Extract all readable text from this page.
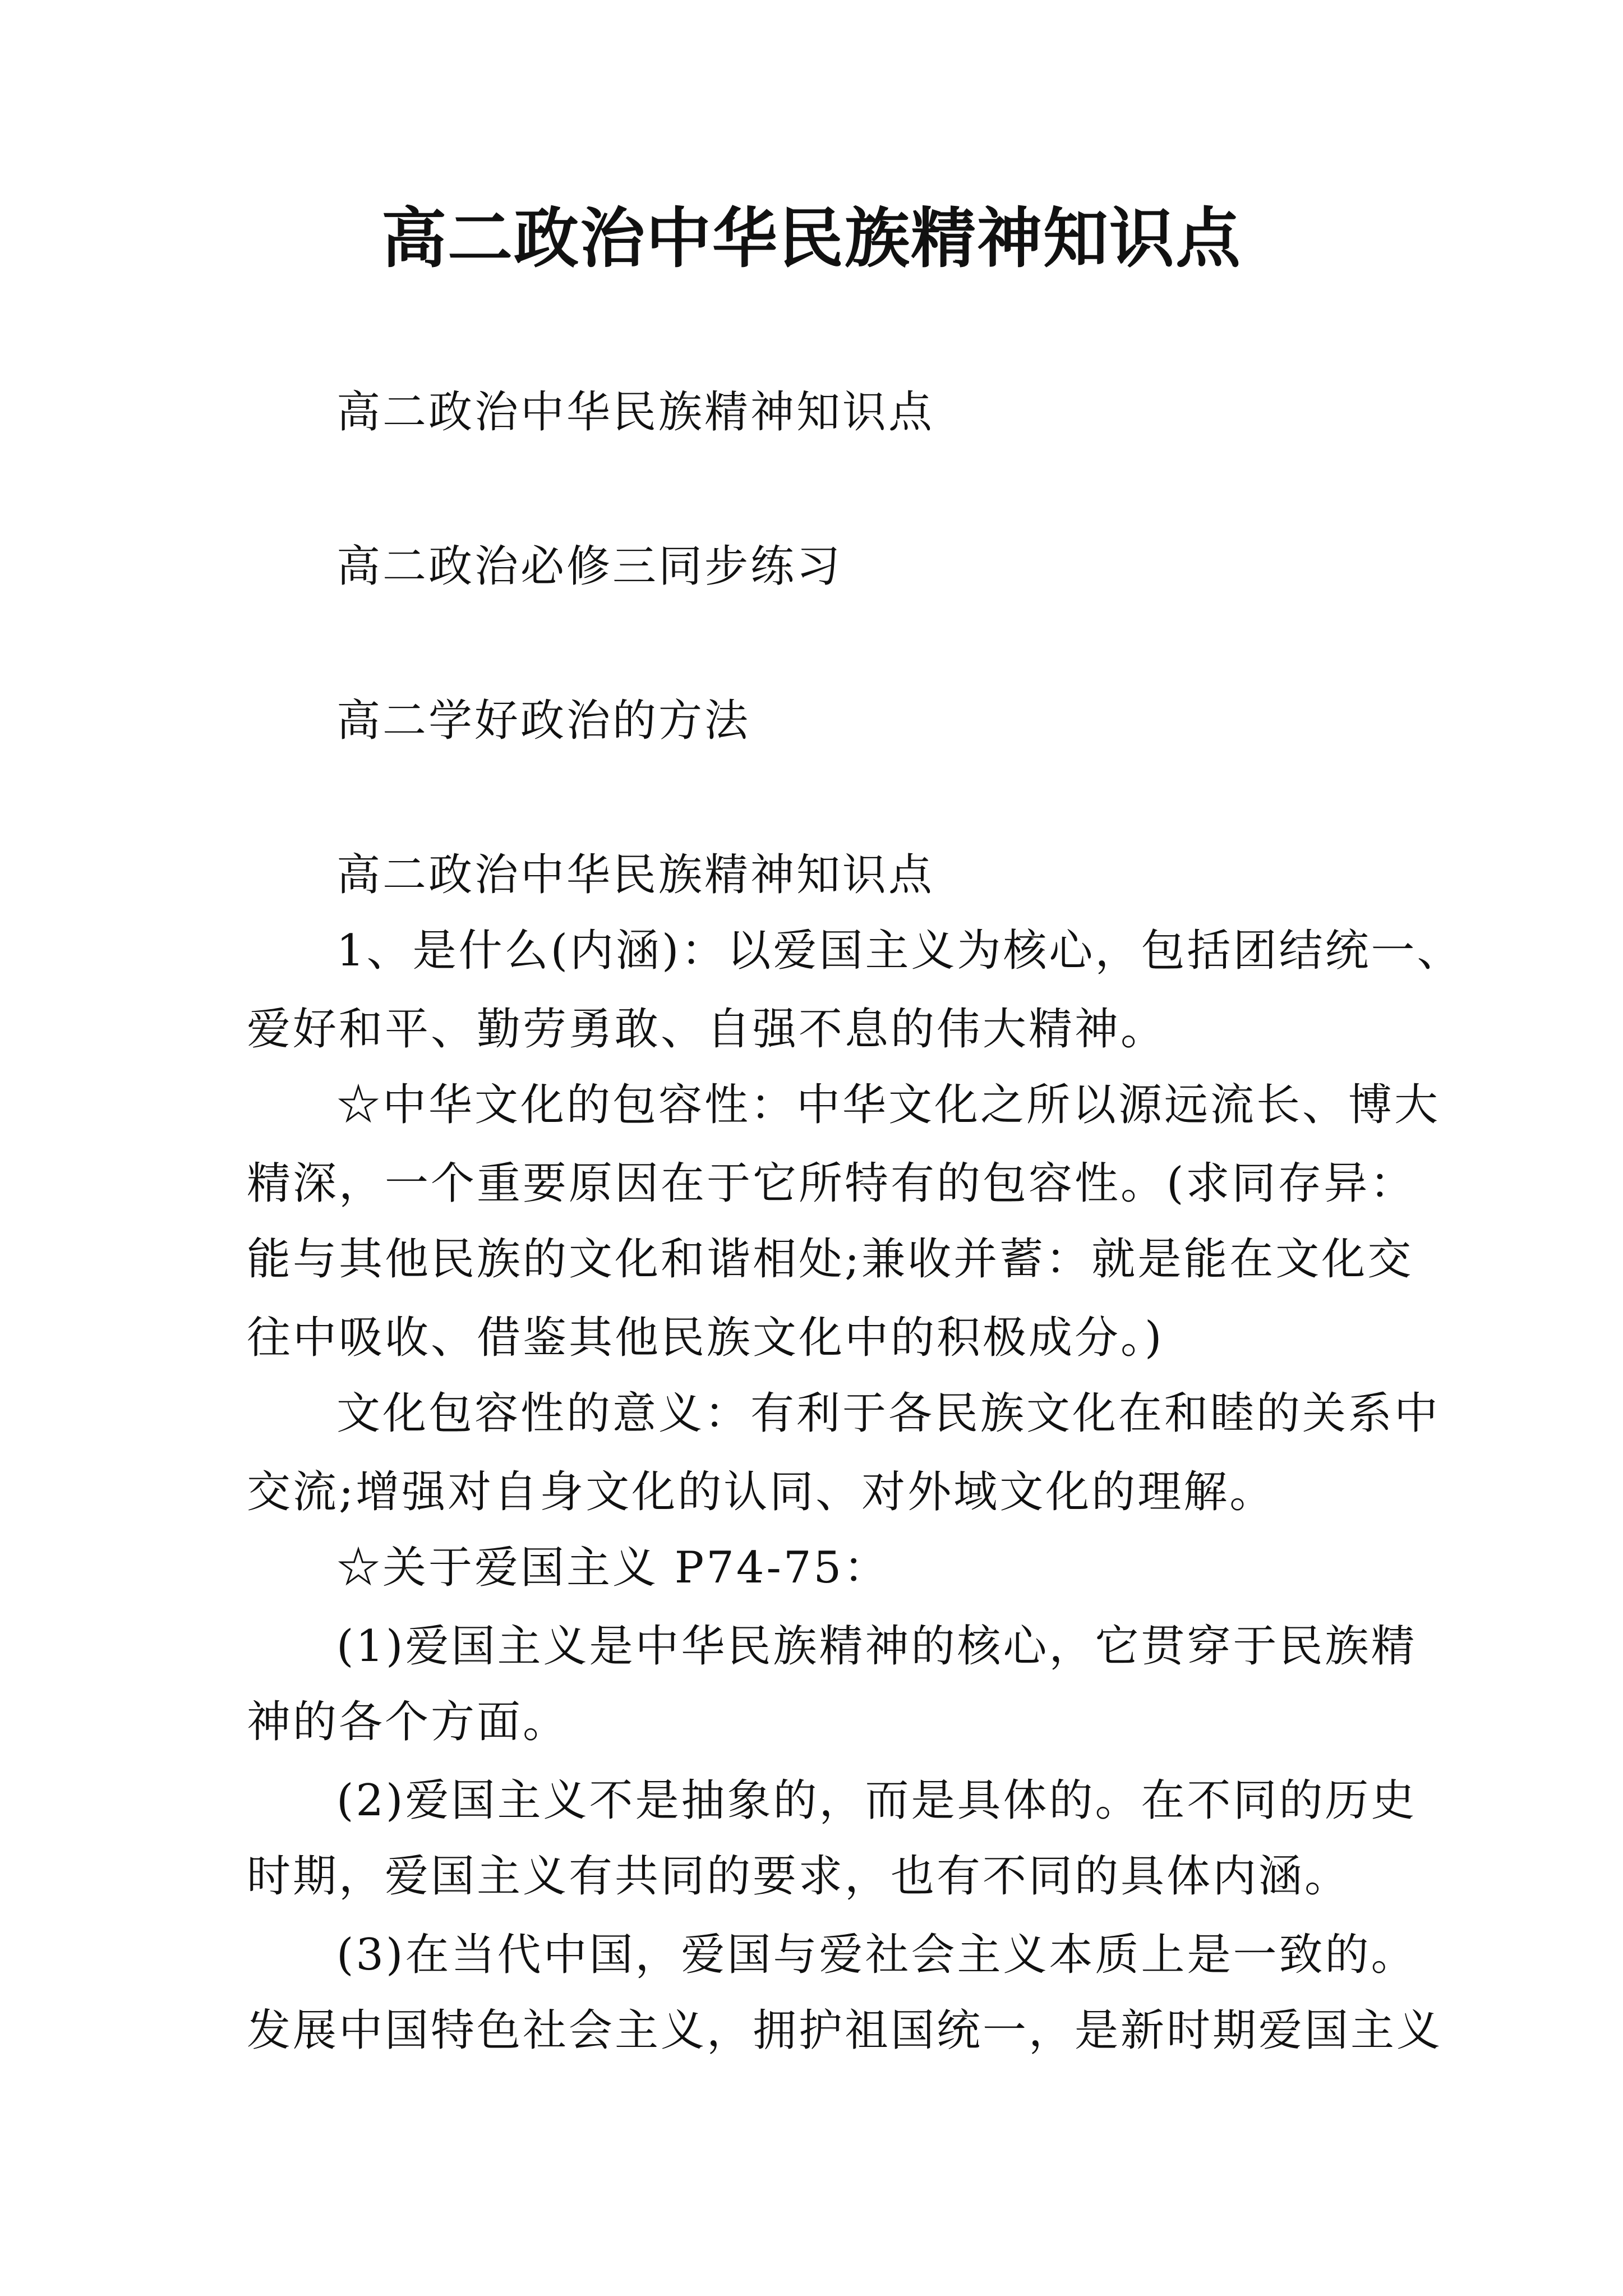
高二政治中华民族精神知识点
高二政治中华民族精神知识点
高二政治必修三同步练习
高二学好政治的方法
高二政治中华民族精神知识点
1、是什么(内涵)：以爱国主义为核心，包括团结统一、
爱好和平、勤劳勇敢、自强不息的伟大精神。
☆中华文化的包容性：中华文化之所以源远流长、博大
精深，一个重要原因在于它所特有的包容性。(求同存异：
能与其他民族的文化和谐相处;兼收并蓄：就是能在文化交
往中吸收、借鉴其他民族文化中的积极成分。)
文化包容性的意义：有利于各民族文化在和睦的关系中
交流;增强对自身文化的认同、对外域文化的理解。
☆关于爱国主义 P74-75：
(1)爱国主义是中华民族精神的核心，它贯穿于民族精
神的各个方面。
(2)爱国主义不是抽象的，而是具体的。在不同的历史
时期，爱国主义有共同的要求，也有不同的具体内涵。
(3)在当代中国，爱国与爱社会主义本质上是一致的。
发展中国特色社会主义，拥护祖国统一，是新时期爱国主义
